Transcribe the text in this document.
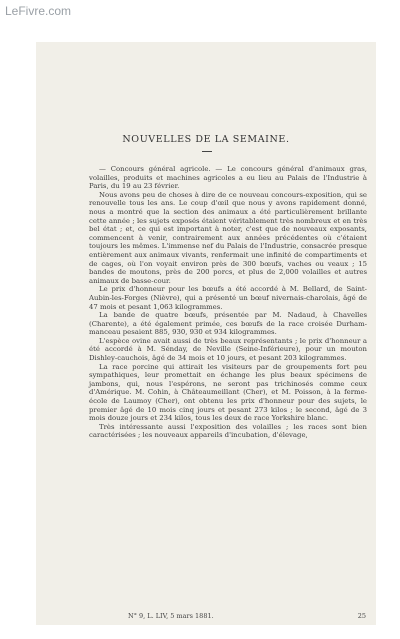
LeFivre.com
NOUVELLES DE LA SEMAINE.

— Concours général agricole. — Le concours général d'animaux gras, volailles, produits et machines agricoles a eu lieu au Palais de l'Industrie à Paris, du 19 au 23 février.

Nous avons peu de choses à dire de ce nouveau concours-exposition, qui se renouvelle tous les ans. Le coup d'œil que nous y avons rapidement donné, nous a montré que la section des animaux a été particulièrement brillante cette année ; les sujets exposés étaient véritablement très nombreux et en très bel état ; et, ce qui est important à noter, c'est que de nouveaux exposants, commencent à venir, contrairement aux années précédentes où c'étaient toujours les mêmes. L'immense nef du Palais de l'Industrie, consacrée presque entièrement aux animaux vivants, renfermait une infinité de compartiments et de cages, où l'on voyait environ près de 300 bœufs, vaches ou veaux ; 15 bandes de moutons, près de 200 porcs, et plus de 2,000 volailles et autres animaux de basse-cour.

Le prix d'honneur pour les bœufs a été accordé à M. Bellard, de Saint-Aubin-les-Forges (Nièvre), qui a présenté un bœuf nivernais-charolais, âgé de 47 mois et pesant 1,063 kilogrammes.

La bande de quatre bœufs, présentée par M. Nadaud, à Chavelles (Charente), a été également primée, ces bœufs de la race croisée Durham-manceau pesaient 885, 930, 930 et 934 kilogrammes.

L'espèce ovine avait aussi de très beaux représentants ; le prix d'honneur a été accordé à M. Sénday, de Neville (Seine-Inférieure), pour un mouton Dishley-cauchois, âgé de 34 mois et 10 jours, et pesant 203 kilogrammes.

La race porcine qui attirait les visiteurs par de groupements fort peu sympathiques, leur promettait en échange les plus beaux spécimens de jambons, qui, nous l'espérons, ne seront pas trichinosés comme ceux d'Amérique. M. Cohin, à Châteaumeillant (Cher), et M. Poisson, à la ferme-école de Laumoy (Cher), ont obtenu les prix d'honneur pour des sujets, le premier âgé de 10 mois cinq jours et pesant 273 kilos ; le second, âgé de 3 mois douze jours et 234 kilos, tous les deux de race Yorkshire blanc.

Très intéressante aussi l'exposition des volailles ; les races sont bien caractérisées ; les nouveaux appareils d'incubation, d'élevage,

N° 9, L. LIV, 5 mars 1881.	25
